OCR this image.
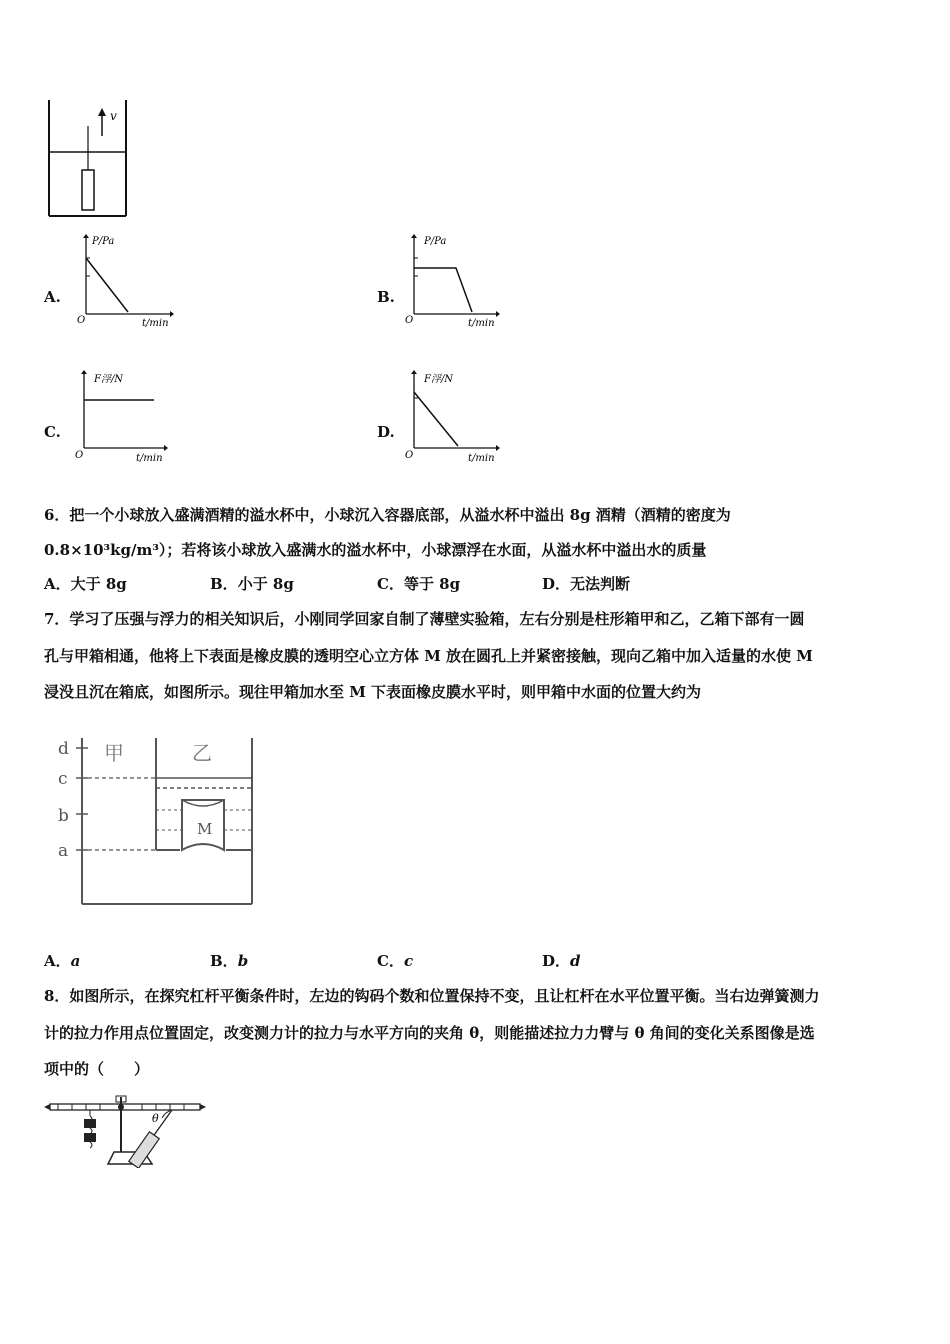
v
A.
P/Pa
t/min
O
B.
P/Pa
t/min
O
C.
F浮/N
t/min
O
D.
F浮/N
t/min
O
6．把一个小球放入盛满酒精的溢水杯中，小球沉入容器底部，从溢水杯中溢出 8g 酒精（酒精的密度为
0.8×10³kg/m³）；若将该小球放入盛满水的溢水杯中，小球漂浮在水面，从溢水杯中溢出水的质量
A．大于 8g	B．小于 8g	C．等于 8g	D．无法判断
7．学习了压强与浮力的相关知识后，小刚同学回家自制了薄壁实验箱，左右分别是柱形箱甲和乙，乙箱下部有一圆
孔与甲箱相通，他将上下表面是橡皮膜的透明空心立方体 M 放在圆孔上并紧密接触，现向乙箱中加入适量的水使 M
浸没且沉在箱底，如图所示。现往甲箱加水至 M 下表面橡皮膜水平时，则甲箱中水面的位置大约为
M
d
c
b
a
甲	乙
A．a	B．b	C．c	D．d
8．如图所示，在探究杠杆平衡条件时，左边的钩码个数和位置保持不变，且让杠杆在水平位置平衡。当右边弹簧测力
计的拉力作用点位置固定，改变测力计的拉力与水平方向的夹角 θ，则能描述拉力力臂与 θ 角间的变化关系图像是选
项中的（　　）
θ
